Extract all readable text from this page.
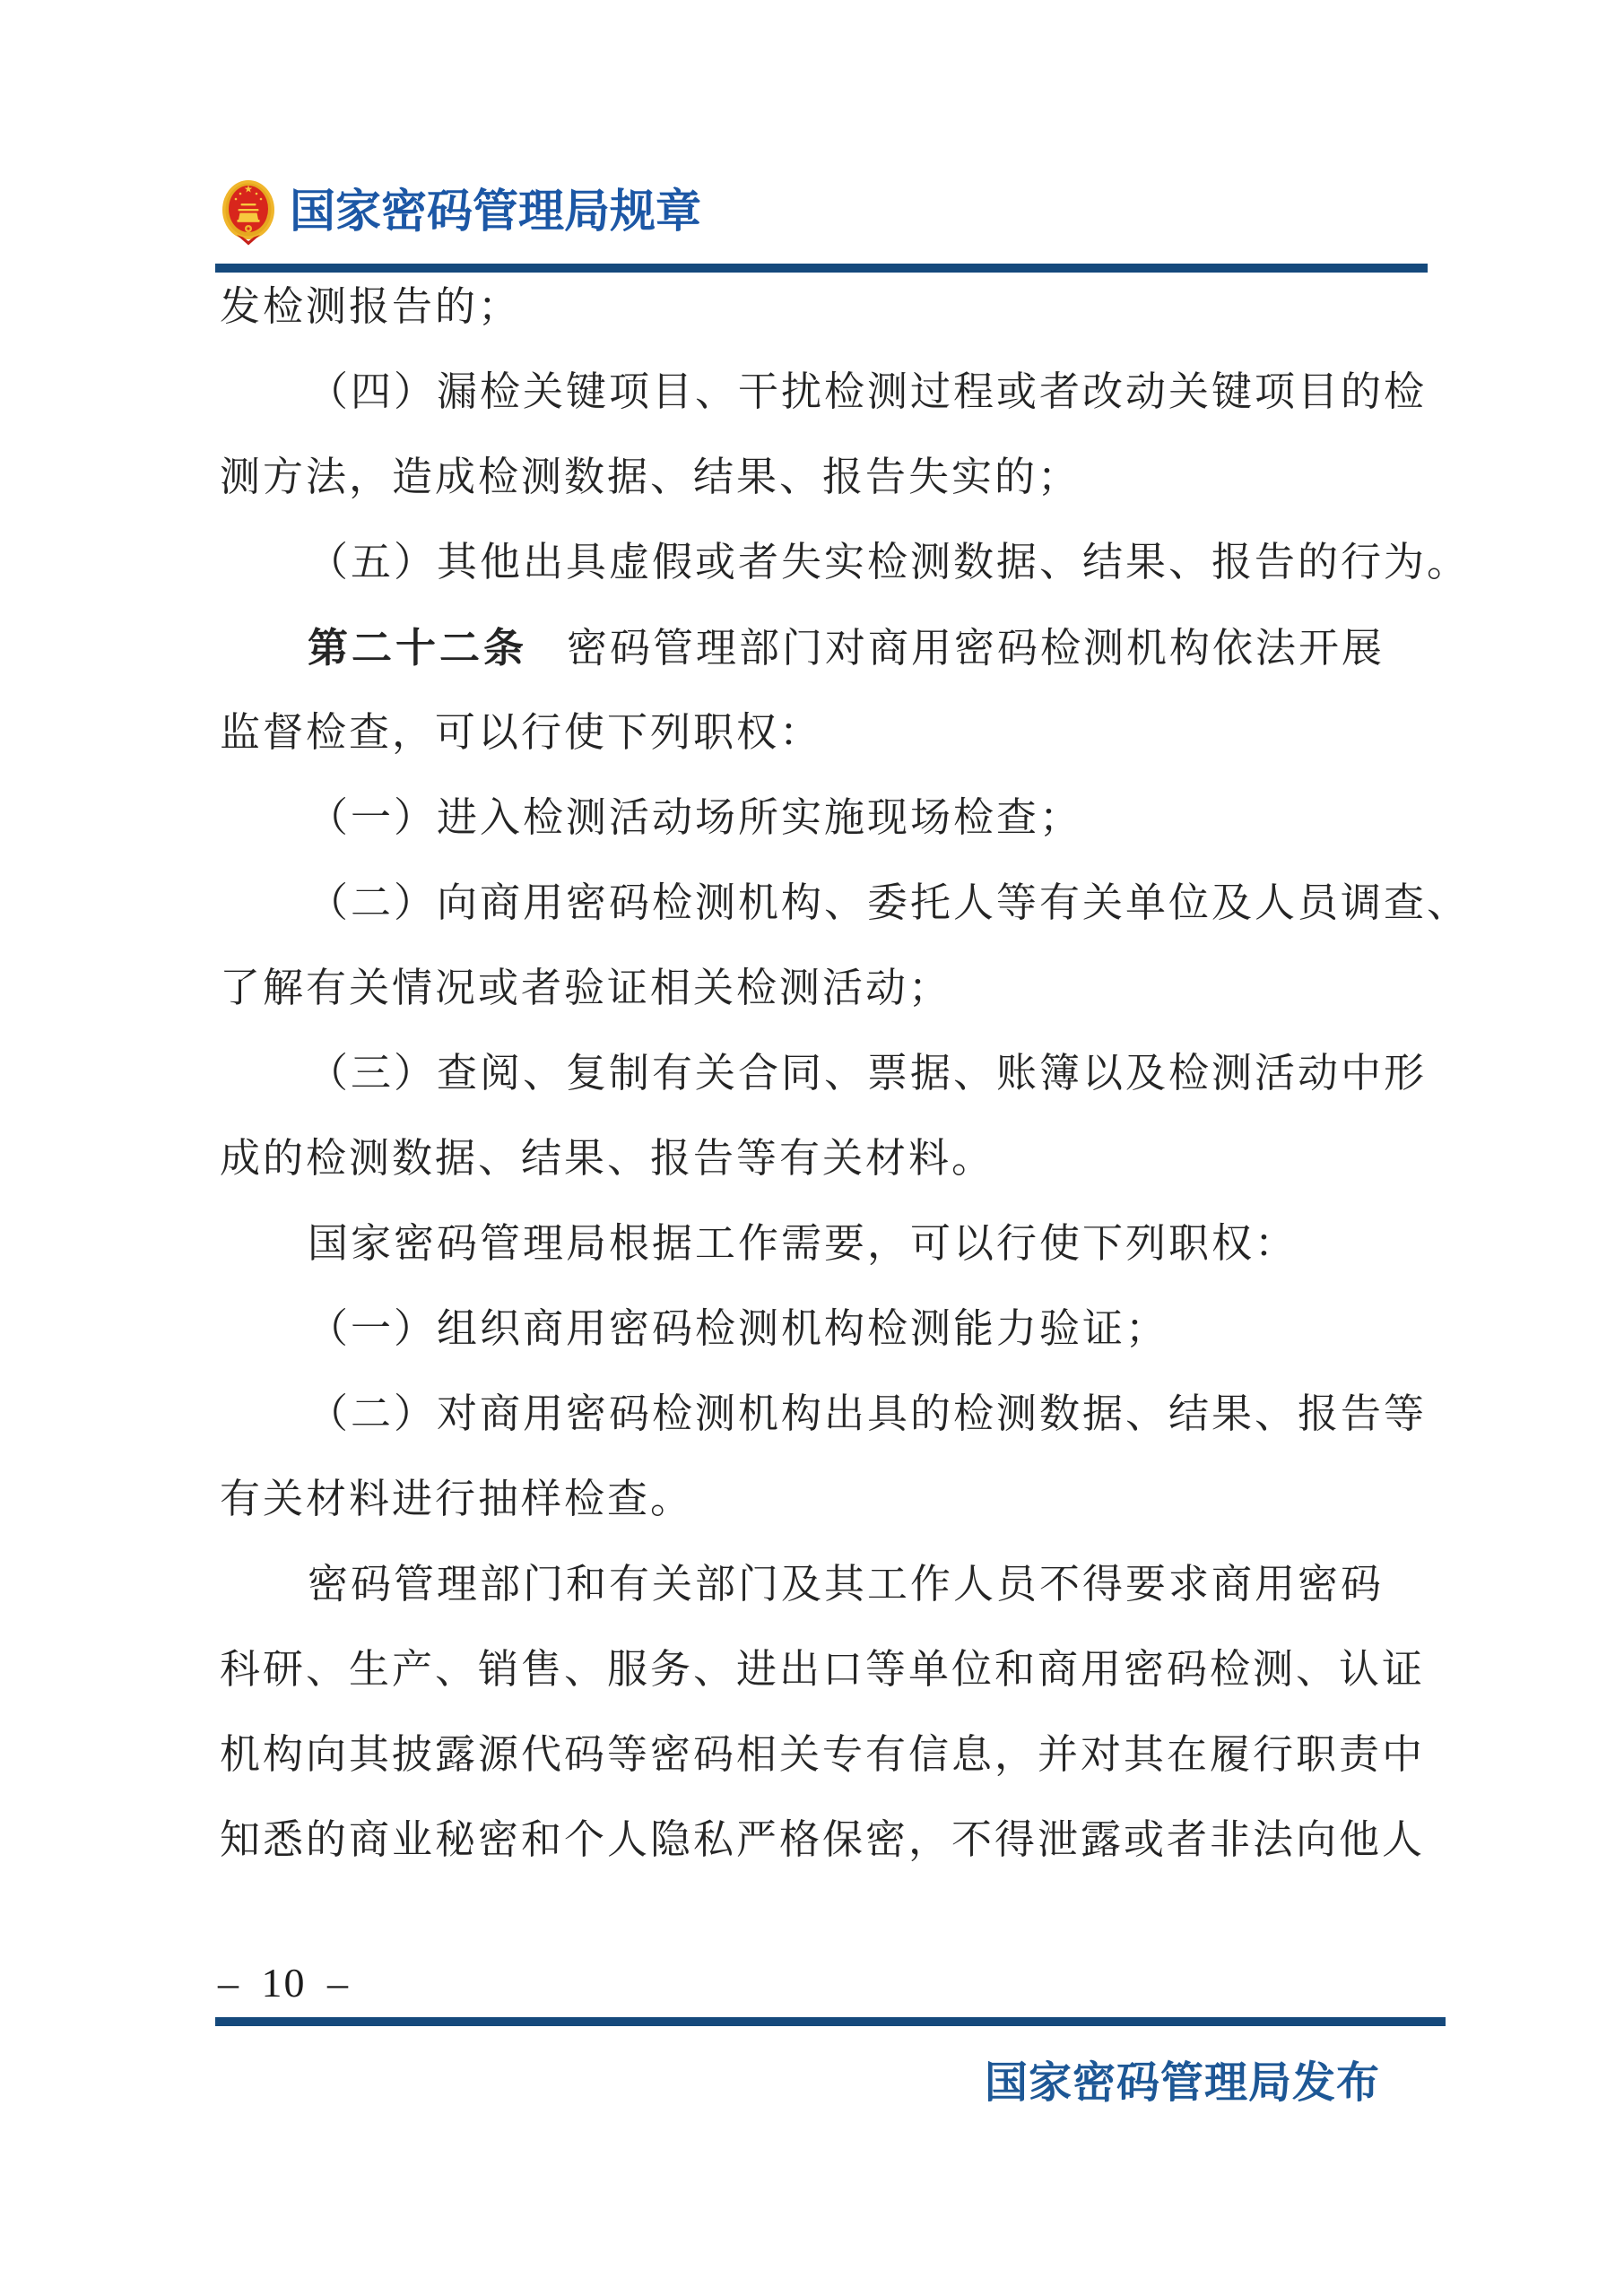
国家密码管理局规章
发检测报告的；
（四）漏检关键项目、干扰检测过程或者改动关键项目的检
测方法，造成检测数据、结果、报告失实的；
（五）其他出具虚假或者失实检测数据、结果、报告的行为。
第二十二条 密码管理部门对商用密码检测机构依法开展
监督检查，可以行使下列职权：
（一）进入检测活动场所实施现场检查；
（二）向商用密码检测机构、委托人等有关单位及人员调查、
了解有关情况或者验证相关检测活动；
（三）查阅、复制有关合同、票据、账簿以及检测活动中形
成的检测数据、结果、报告等有关材料。
国家密码管理局根据工作需要，可以行使下列职权：
（一）组织商用密码检测机构检测能力验证；
（二）对商用密码检测机构出具的检测数据、结果、报告等
有关材料进行抽样检查。
密码管理部门和有关部门及其工作人员不得要求商用密码
科研、生产、销售、服务、进出口等单位和商用密码检测、认证
机构向其披露源代码等密码相关专有信息，并对其在履行职责中
知悉的商业秘密和个人隐私严格保密，不得泄露或者非法向他人
– 10 –
国家密码管理局发布
